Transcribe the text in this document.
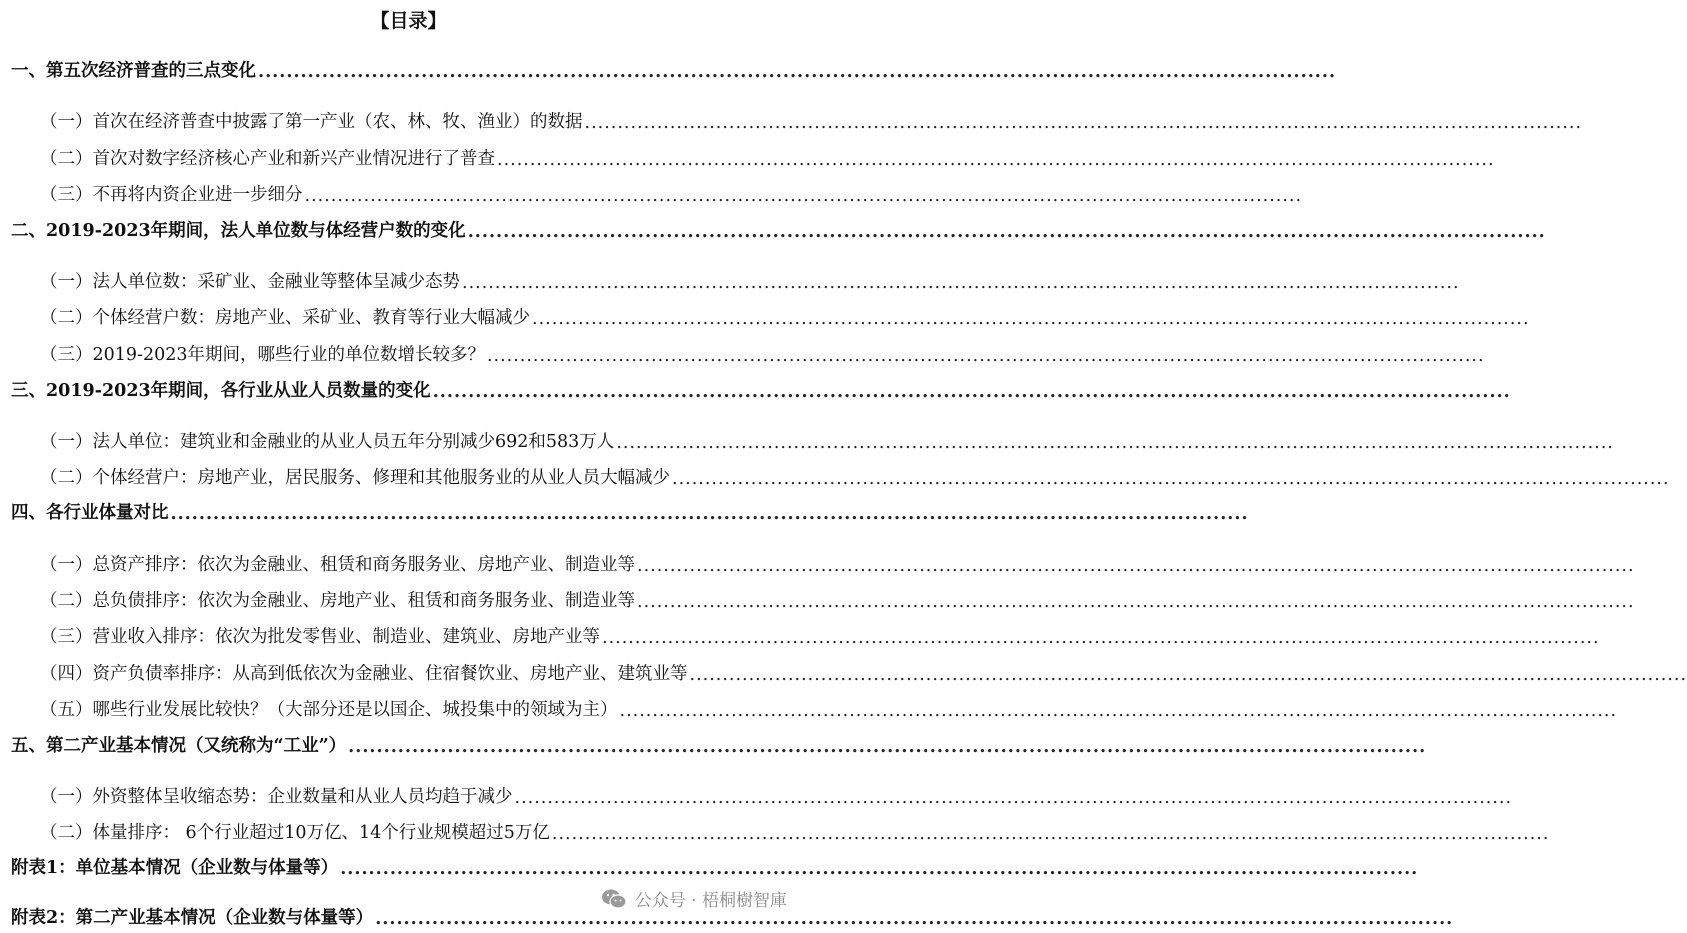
【目录】
一、第五次经济普查的三点变化 ........................................................................................................................................................
（一）首次在经济普查中披露了第一产业（农、林、牧、渔业）的数据 ........................................................................................................................................................
（二）首次对数字经济核心产业和新兴产业情况进行了普查 ........................................................................................................................................................
（三）不再将内资企业进一步细分 ........................................................................................................................................................
二、2019-2023年期间，法人单位数与体经营户数的变化 ........................................................................................................................................................
（一）法人单位数：采矿业、金融业等整体呈减少态势 ........................................................................................................................................................
（二）个体经营户数：房地产业、采矿业、教育等行业大幅减少 ........................................................................................................................................................
（三）2019-2023年期间，哪些行业的单位数增长较多？ ........................................................................................................................................................
三、2019-2023年期间，各行业从业人员数量的变化 ........................................................................................................................................................
（一）法人单位：建筑业和金融业的从业人员五年分别减少692和583万人 ........................................................................................................................................................
（二）个体经营户：房地产业，居民服务、修理和其他服务业的从业人员大幅减少 ........................................................................................................................................................
四、各行业体量对比 ........................................................................................................................................................
（一）总资产排序：依次为金融业、租赁和商务服务业、房地产业、制造业等 ........................................................................................................................................................
（二）总负债排序：依次为金融业、房地产业、租赁和商务服务业、制造业等 ........................................................................................................................................................
（三）营业收入排序：依次为批发零售业、制造业、建筑业、房地产业等 ........................................................................................................................................................
（四）资产负债率排序：从高到低依次为金融业、住宿餐饮业、房地产业、建筑业等 ........................................................................................................................................................
（五）哪些行业发展比较快？（大部分还是以国企、城投集中的领域为主） ........................................................................................................................................................
五、第二产业基本情况（又统称为“工业”） ........................................................................................................................................................
（一）外资整体呈收缩态势：企业数量和从业人员均趋于减少 ........................................................................................................................................................
（二）体量排序： 6个行业超过10万亿、14个行业规模超过5万亿 ........................................................................................................................................................
附表1：单位基本情况（企业数与体量等） ........................................................................................................................................................
附表2：第二产业基本情况（企业数与体量等） ........................................................................................................................................................
公众号 · 梧桐樹智庫
